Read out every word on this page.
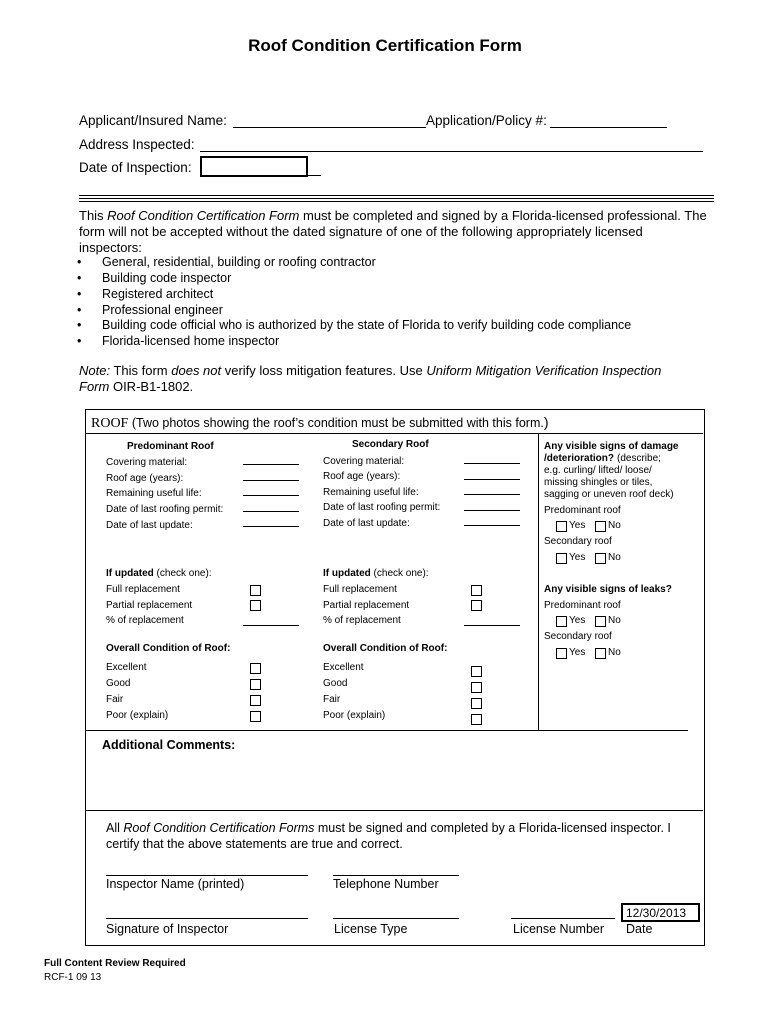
Roof Condition Certification Form
Applicant/Insured Name:	Application/Policy #:
Address Inspected:
Date of Inspection:
This Roof Condition Certification Form must be completed and signed by a Florida-licensed professional. The form will not be accepted without the dated signature of one of the following appropriately licensed inspectors:
• General, residential, building or roofing contractor
• Building code inspector
• Registered architect
• Professional engineer
• Building code official who is authorized by the state of Florida to verify building code compliance
• Florida-licensed home inspector
Note: This form does not verify loss mitigation features. Use Uniform Mitigation Verification Inspection Form OIR-B1-1802.
ROOF (Two photos showing the roof’s condition must be submitted with this form.)
Predominant Roof
Covering material:
Roof age (years):
Remaining useful life:
Date of last roofing permit:
Date of last update:
If updated (check one):
Full replacement
Partial replacement
% of replacement
Overall Condition of Roof:
Excellent
Good
Fair
Poor (explain)
Secondary Roof
Covering material:
Roof age (years):
Remaining useful life:
Date of last roofing permit:
Date of last update:
If updated (check one):
Full replacement
Partial replacement
% of replacement
Overall Condition of Roof:
Excellent
Good
Fair
Poor (explain)
Any visible signs of damage /deterioration? (describe;
e.g. curling/ lifted/ loose/
missing shingles or tiles,
sagging or uneven roof deck)
Predominant roof
Yes No
Secondary roof
Yes No
Any visible signs of leaks?
Predominant roof
Yes No
Secondary roof
Yes No
Additional Comments:
All Roof Condition Certification Forms must be signed and completed by a Florida-licensed inspector. I certify that the above statements are true and correct.
Inspector Name (printed)	Telephone Number
Signature of Inspector	License Type	License Number
12/30/2013
Date
Full Content Review Required
RCF-1 09 13
